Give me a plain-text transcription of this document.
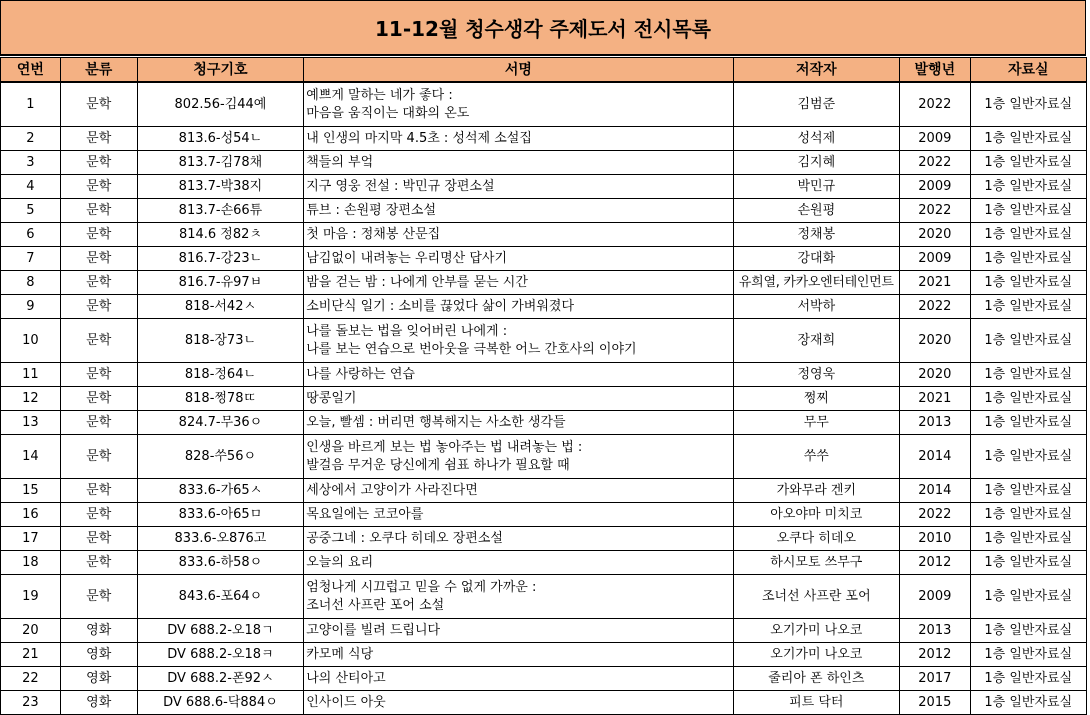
11-12월 청수생각 주제도서 전시목록
연번	분류	청구기호	서명	저작자	발행년	자료실
1	문학	802.56-김44예	예쁘게 말하는 네가 좋다 :
마음을 움직이는 대화의 온도	김범준	2022	1층 일반자료실
2	문학	813.6-성54ㄴ	내 인생의 마지막 4.5초 : 성석제 소설집	성석제	2009	1층 일반자료실
3	문학	813.7-김78채	책들의 부엌	김지혜	2022	1층 일반자료실
4	문학	813.7-박38지	지구 영웅 전설 : 박민규 장편소설	박민규	2009	1층 일반자료실
5	문학	813.7-손66튜	튜브 : 손원평 장편소설	손원평	2022	1층 일반자료실
6	문학	814.6 정82ㅊ	첫 마음 : 정채봉 산문집	정채봉	2020	1층 일반자료실
7	문학	816.7-강23ㄴ	남김없이 내려놓는 우리명산 답사기	강대화	2009	1층 일반자료실
8	문학	816.7-유97ㅂ	밤을 걷는 밤 : 나에게 안부를 묻는 시간	유희열, 카카오엔터테인먼트	2021	1층 일반자료실
9	문학	818-서42ㅅ	소비단식 일기 : 소비를 끊었다 삶이 가벼워졌다	서박하	2022	1층 일반자료실
10	문학	818-장73ㄴ	나를 돌보는 법을 잊어버린 나에게 :
나를 보는 연습으로 번아웃을 극복한 어느 간호사의 이야기	장재희	2020	1층 일반자료실
11	문학	818-정64ㄴ	나를 사랑하는 연습	정영욱	2020	1층 일반자료실
12	문학	818-쩡78ㄸ	땅콩일기	쩡찌	2021	1층 일반자료실
13	문학	824.7-무36ㅇ	오늘, 빨셈 : 버리면 행복해지는 사소한 생각들	무무	2013	1층 일반자료실
14	문학	828-쑤56ㅇ	인생을 바르게 보는 법 놓아주는 법 내려놓는 법 :
발걸음 무거운 당신에게 쉼표 하나가 필요할 때	쑤쑤	2014	1층 일반자료실
15	문학	833.6-가65ㅅ	세상에서 고양이가 사라진다면	가와무라 겐키	2014	1층 일반자료실
16	문학	833.6-아65ㅁ	목요일에는 코코아를	아오야마 미치코	2022	1층 일반자료실
17	문학	833.6-오876고	공중그네 : 오쿠다 히데오 장편소설	오쿠다 히데오	2010	1층 일반자료실
18	문학	833.6-하58ㅇ	오늘의 요리	하시모토 쓰무구	2012	1층 일반자료실
19	문학	843.6-포64ㅇ	엄청나게 시끄럽고 믿을 수 없게 가까운 :
조너선 사프란 포어 소설	조너선 사프란 포어	2009	1층 일반자료실
20	영화	DV 688.2-오18ㄱ	고양이를 빌려 드립니다	오기가미 나오코	2013	1층 일반자료실
21	영화	DV 688.2-오18ㅋ	카모메 식당	오기가미 나오코	2012	1층 일반자료실
22	영화	DV 688.2-폰92ㅅ	나의 산티아고	줄리아 폰 하인츠	2017	1층 일반자료실
23	영화	DV 688.6-닥884ㅇ	인사이드 아웃	피트 닥터	2015	1층 일반자료실
